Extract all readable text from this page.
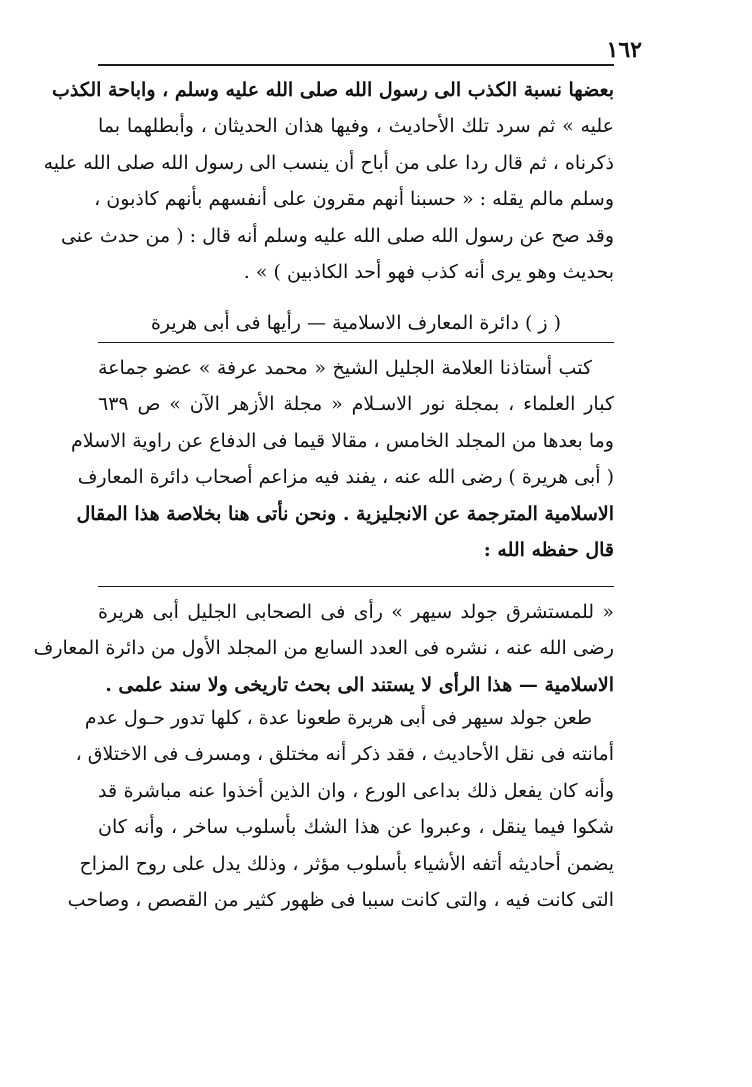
١٦٢
بعضها نسبة الكذب الى رسول الله صلى الله عليه وسلم ، واباحة الكذب
عليه » ثم سرد تلك الأحاديث ، وفيها هذان الحديثان ، وأبطلهما بما
ذكرناه ، ثم قال ردا على من أباح أن ينسب الى رسول الله صلى الله عليه
وسلم مالم يقله : « حسبنا أنهم مقرون على أنفسهم بأنهم كاذبون ،
وقد صح عن رسول الله صلى الله عليه وسلم أنه قال : ( من حدث عنى
بحديث وهو يرى أنه كذب فهو أحد الكاذبين ) » .
( ز ) دائرة المعارف الاسلامية — رأيها فى أبى هريرة
كتب أستاذنا العلامة الجليل الشيخ « محمد عرفة » عضو جماعة
كبار العلماء ، بمجلة نور الاسـلام « مجلة الأزهر الآن » ص ٦٣٩
وما بعدها من المجلد الخامس ، مقالا قيما فى الدفاع عن راوية الاسلام
( أبى هريرة ) رضى الله عنه ، يفند فيه مزاعم أصحاب دائرة المعارف
الاسلامية المترجمة عن الانجليزية . ونحن نأتى هنا بخلاصة هذا المقال
قال حفظه الله :
« للمستشرق جولد سيهر » رأى فى الصحابى الجليل أبى هريرة
رضى الله عنه ، نشره فى العدد السابع من المجلد الأول من دائرة المعارف
الاسلامية — هذا الرأى لا يستند الى بحث تاريخى ولا سند علمى .
طعن جولد سيهر فى أبى هريرة طعونا عدة ، كلها تدور حـول عدم
أمانته فى نقل الأحاديث ، فقد ذكر أنه مختلق ، ومسرف فى الاختلاق ،
وأنه كان يفعل ذلك بداعى الورع ، وان الذين أخذوا عنه مباشرة قد
شكوا فيما ينقل ، وعبروا عن هذا الشك بأسلوب ساخر ، وأنه كان
يضمن أحاديثه أتفه الأشياء بأسلوب مؤثر ، وذلك يدل على روح المزاح
التى كانت فيه ، والتى كانت سببا فى ظهور كثير من القصص ، وصاحب
